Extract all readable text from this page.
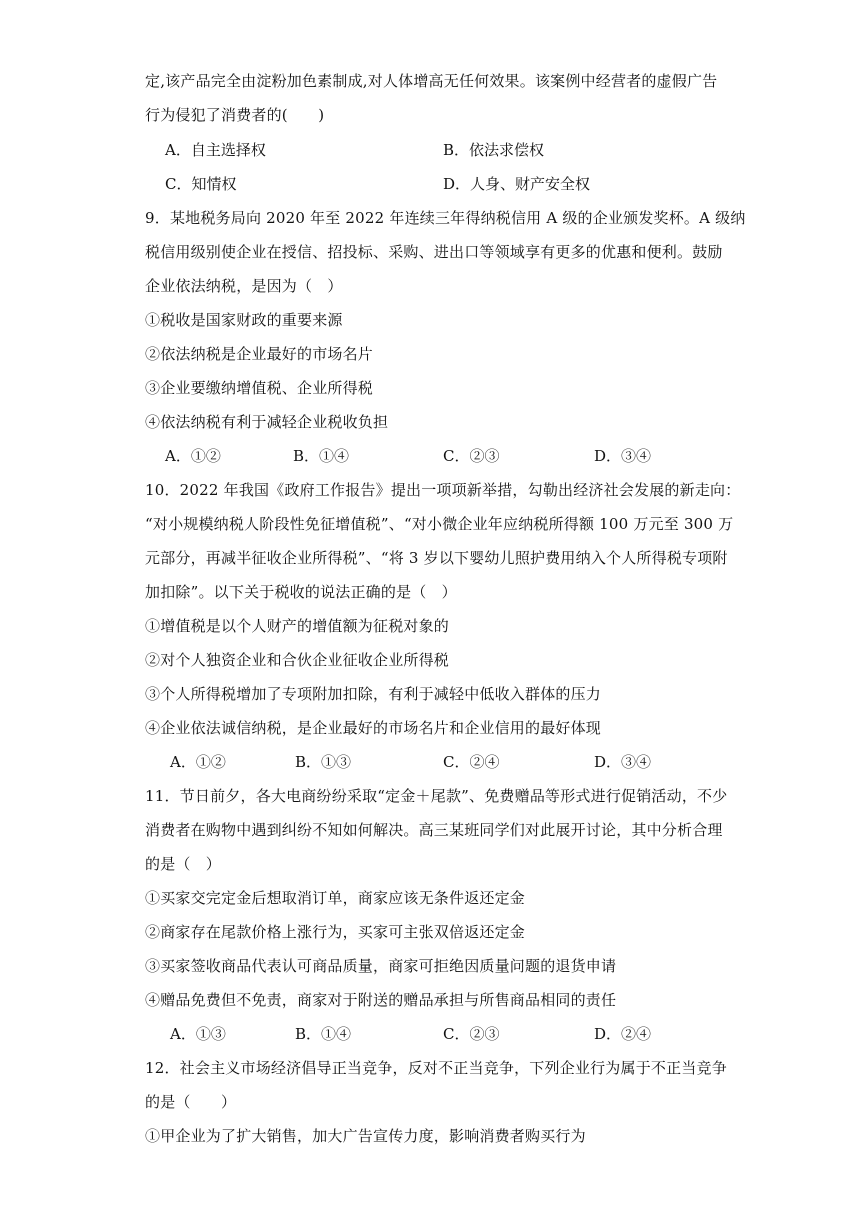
定,该产品完全由淀粉加色素制成,对人体增高无任何效果。该案例中经营者的虚假广告
行为侵犯了消费者的(　　)
A．自主选择权	B．依法求偿权
C．知情权	D．人身、财产安全权
9．某地税务局向 2020 年至 2022 年连续三年得纳税信用 A 级的企业颁发奖杯。A 级纳
税信用级别使企业在授信、招投标、采购、进出口等领域享有更多的优惠和便利。鼓励
企业依法纳税，是因为（　）
①税收是国家财政的重要来源
②依法纳税是企业最好的市场名片
③企业要缴纳增值税、企业所得税
④依法纳税有利于减轻企业税收负担
A．①②	B．①④	C．②③	D．③④
10．2022 年我国《政府工作报告》提出一项项新举措，勾勒出经济社会发展的新走向：
“对小规模纳税人阶段性免征增值税”、“对小微企业年应纳税所得额 100 万元至 300 万
元部分，再减半征收企业所得税”、“将 3 岁以下婴幼儿照护费用纳入个人所得税专项附
加扣除”。以下关于税收的说法正确的是（　）
①增值税是以个人财产的增值额为征税对象的
②对个人独资企业和合伙企业征收企业所得税
③个人所得税增加了专项附加扣除，有利于减轻中低收入群体的压力
④企业依法诚信纳税，是企业最好的市场名片和企业信用的最好体现
A．①②	B．①③	C．②④	D．③④
11．节日前夕，各大电商纷纷采取“定金＋尾款”、免费赠品等形式进行促销活动，不少
消费者在购物中遇到纠纷不知如何解决。高三某班同学们对此展开讨论，其中分析合理
的是（　）
①买家交完定金后想取消订单，商家应该无条件返还定金
②商家存在尾款价格上涨行为，买家可主张双倍返还定金
③买家签收商品代表认可商品质量，商家可拒绝因质量问题的退货申请
④赠品免费但不免责，商家对于附送的赠品承担与所售商品相同的责任
A．①③	B．①④	C．②③	D．②④
12．社会主义市场经济倡导正当竞争，反对不正当竞争，下列企业行为属于不正当竞争
的是（　　）
①甲企业为了扩大销售，加大广告宣传力度，影响消费者购买行为
